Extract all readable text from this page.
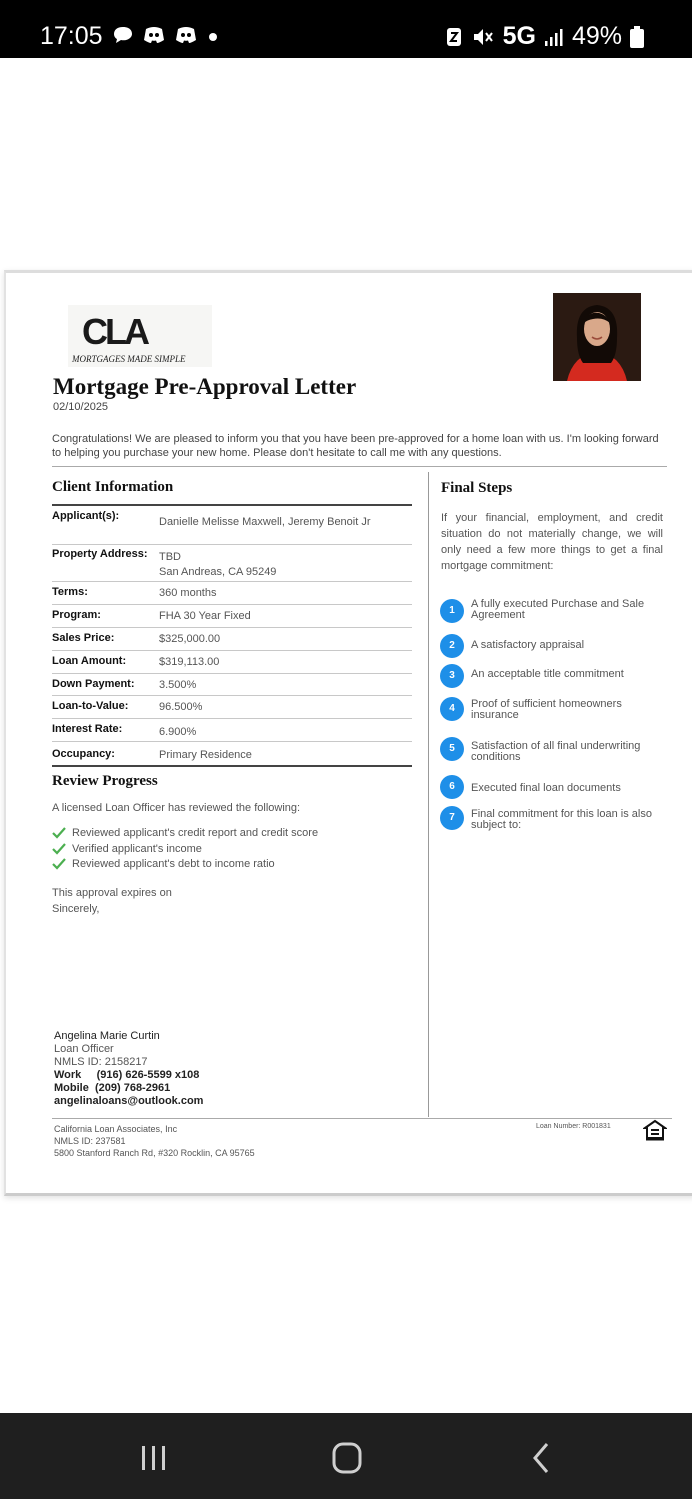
17:05	5G 49%
CLA
MORTGAGES MADE SIMPLE
Mortgage Pre-Approval Letter
02/10/2025
Congratulations! We are pleased to inform you that you have been pre-approved for a home loan with us. I'm looking forward to helping you purchase your new home. Please don't hesitate to call me with any questions.
Client Information
Applicant(s):	Danielle Melisse Maxwell, Jeremy Benoit Jr
Property Address: TBD
San Andreas, CA 95249
Terms:	360 months
Program:	FHA 30 Year Fixed
Sales Price:	$325,000.00
Loan Amount:	$319,113.00
Down Payment: 3.500%
Loan-to-Value:	96.500%
Interest Rate:	6.900%
Occupancy:	Primary Residence
Review Progress
A licensed Loan Officer has reviewed the following:
Reviewed applicant's credit report and credit score
Verified applicant's income
Reviewed applicant's debt to income ratio
This approval expires on
Sincerely,
Angelina Marie Curtin
Loan Officer
NMLS ID: 2158217
Work (916) 626-5599 x108
Mobile (209) 768-2961
angelinaloans@outlook.com
California Loan Associates, Inc
NMLS ID: 237581
5800 Stanford Ranch Rd, #320 Rocklin, CA 95765
Loan Number: R001831
Final Steps
If your financial, employment, and credit situation do not materially change, we will only need a few more things to get a final mortgage commitment:
1
A fully executed Purchase and Sale Agreement
2	A satisfactory appraisal
3	An acceptable title commitment
4	Proof of sufficient homeowners insurance
5	Satisfaction of all final underwriting conditions
6	Executed final loan documents
7	Final commitment for this loan is also subject to:
